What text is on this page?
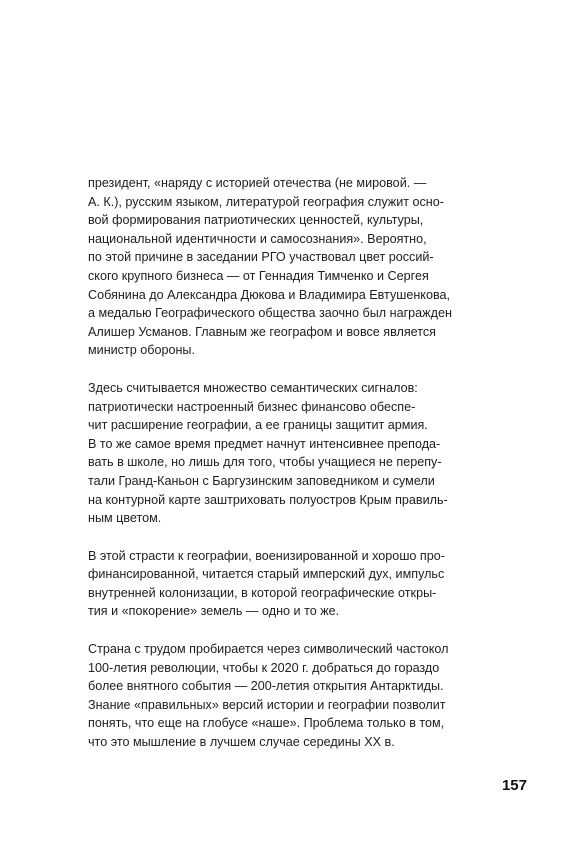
президент, «наряду с историей отечества (не мировой. —
А. К.), русским языком, литературой география служит осно-
вой формирования патриотических ценностей, культуры,
национальной идентичности и самосознания». Вероятно,
по этой причине в заседании РГО участвовал цвет россий-
ского крупного бизнеса — от Геннадия Тимченко и Сергея
Собянина до Александра Дюкова и Владимира Евтушенкова,
а медалью Географического общества заочно был награжден
Алишер Усманов. Главным же географом и вовсе является
министр обороны.

Здесь считывается множество семантических сигналов:
патриотически настроенный бизнес финансово обеспе-
чит расширение географии, а ее границы защитит армия.
В то же самое время предмет начнут интенсивнее препода-
вать в школе, но лишь для того, чтобы учащиеся не перепу-
тали Гранд-Каньон с Баргузинским заповедником и сумели
на контурной карте заштриховать полуостров Крым правиль-
ным цветом.

В этой страсти к географии, военизированной и хорошо про-
финансированной, читается старый имперский дух, импульс
внутренней колонизации, в которой географические откры-
тия и «покорение» земель — одно и то же.

Страна с трудом пробирается через символический частокол
100-летия революции, чтобы к 2020 г. добраться до гораздо
более внятного события — 200-летия открытия Антарктиды.
Знание «правильных» версий истории и географии позволит
понять, что еще на глобусе «наше». Проблема только в том,
что это мышление в лучшем случае середины XX в.

157
